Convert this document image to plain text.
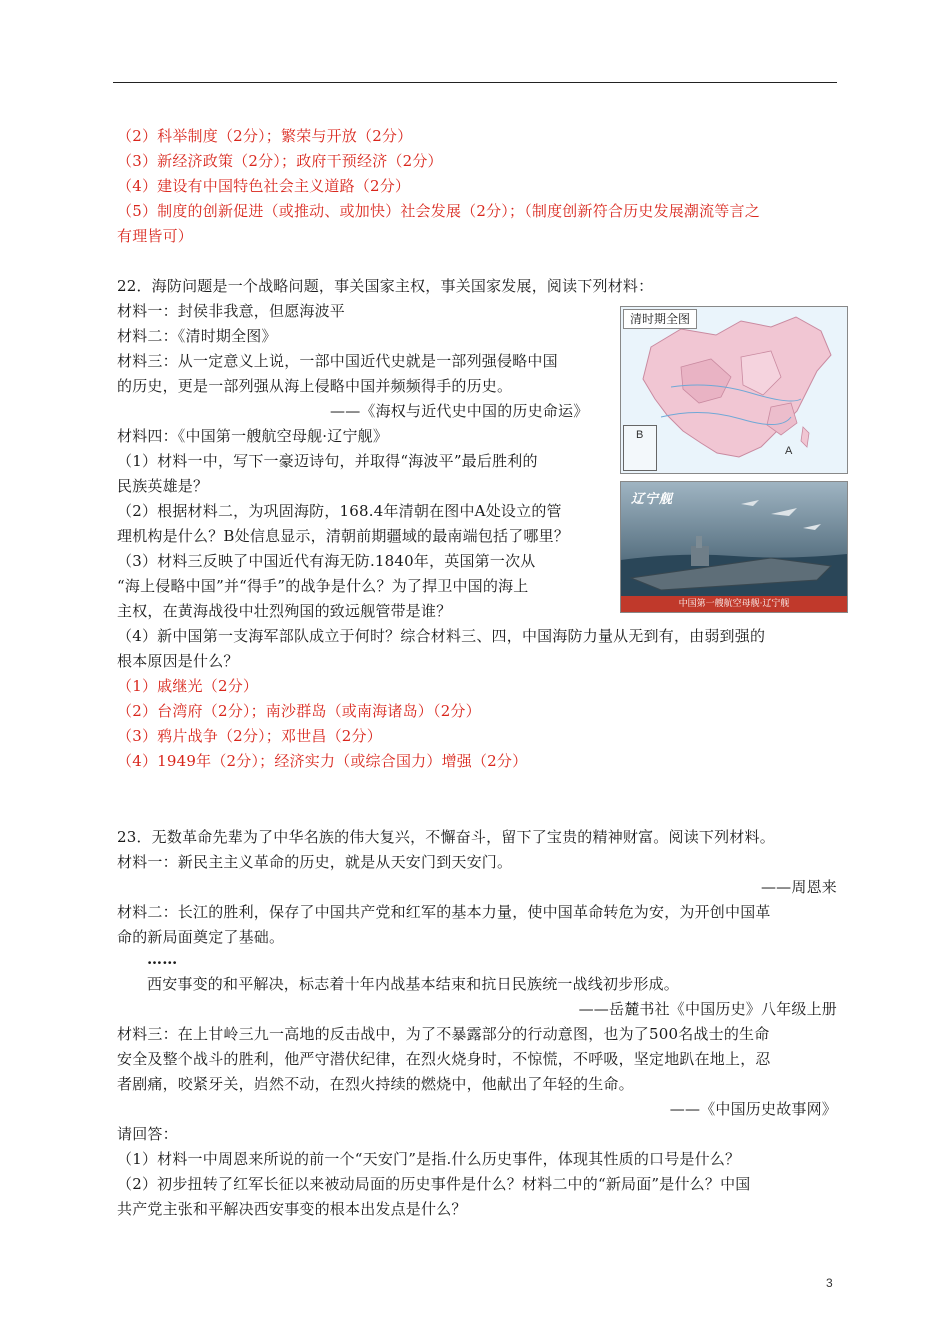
（2）科举制度（2分）；繁荣与开放（2分）
（3）新经济政策（2分）；政府干预经济（2分）
（4）建设有中国特色社会主义道路（2分）
（5）制度的创新促进（或推动、或加快）社会发展（2分）；（制度创新符合历史发展潮流等言之
有理皆可）
22．海防问题是一个战略问题，事关国家主权，事关国家发展，阅读下列材料：
材料一：封侯非我意，但愿海波平
材料二：《清时期全图》
材料三：从一定意义上说，一部中国近代史就是一部列强侵略中国
的历史，更是一部列强从海上侵略中国并频频得手的历史。
——《海权与近代史中国的历史命运》
材料四：《中国第一艘航空母舰·辽宁舰》
（1）材料一中，写下一豪迈诗句，并取得“海波平”最后胜利的
民族英雄是？
（2）根据材料二，为巩固海防，168.4年清朝在图中A处设立的管
理机构是什么？B处信息显示，清朝前期疆域的最南端包括了哪里？
（3）材料三反映了中国近代有海无防.1840年，英国第一次从
“海上侵略中国”并“得手”的战争是什么？为了捍卫中国的海上
主权，在黄海战役中壮烈殉国的致远舰管带是谁？
（4）新中国第一支海军部队成立于何时？综合材料三、四，中国海防力量从无到有，由弱到强的
根本原因是什么？
（1）戚继光（2分）
（2）台湾府（2分）；南沙群岛（或南海诸岛）（2分）
（3）鸦片战争（2分）；邓世昌（2分）
（4）1949年（2分）；经济实力（或综合国力）增强（2分）
清时期全图
B
A
辽宁舰
中国第一艘航空母舰·辽宁舰
23．无数革命先辈为了中华名族的伟大复兴，不懈奋斗，留下了宝贵的精神财富。阅读下列材料。
材料一：新民主主义革命的历史，就是从天安门到天安门。
——周恩来
材料二：长江的胜利，保存了中国共产党和红军的基本力量，使中国革命转危为安，为开创中国革
命的新局面奠定了基础。
……
西安事变的和平解决，标志着十年内战基本结束和抗日民族统一战线初步形成。
——岳麓书社《中国历史》八年级上册
材料三：在上甘岭三九一高地的反击战中，为了不暴露部分的行动意图，也为了500名战士的生命
安全及整个战斗的胜利，他严守潜伏纪律，在烈火烧身时，不惊慌，不呼吸，坚定地趴在地上，忍
者剧痛，咬紧牙关，岿然不动，在烈火持续的燃烧中，他献出了年轻的生命。
——《中国历史故事网》
请回答：
（1）材料一中周恩来所说的前一个“天安门”是指.什么历史事件，体现其性质的口号是什么？
（2）初步扭转了红军长征以来被动局面的历史事件是什么？材料二中的“新局面”是什么？中国
共产党主张和平解决西安事变的根本出发点是什么？
3
